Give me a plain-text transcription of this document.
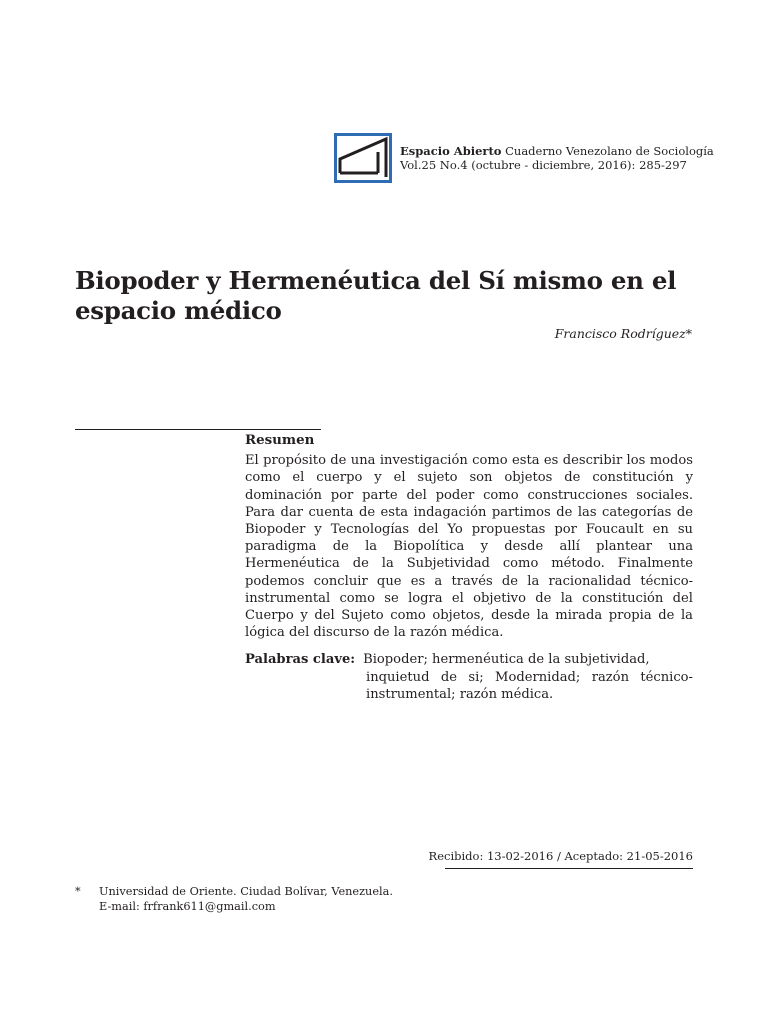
Espacio Abierto Cuaderno Venezolano de Sociología
Vol.25 No.4 (octubre - diciembre, 2016): 285-297
Biopoder y Hermenéutica del Sí mismo en el espacio médico
Francisco Rodríguez*
Resumen

El propósito de una investigación como esta es describir los modos como el cuerpo y el sujeto son objetos de constitución y dominación por parte del poder como construcciones sociales. Para dar cuenta de esta indagación partimos de las categorías de Biopoder y Tecnologías del Yo propuestas por Foucault en su paradigma de la Biopolítica y desde allí plantear una Hermenéutica de la Subjetividad como método. Finalmente podemos concluir que es a través de la racionalidad técnico-instrumental como se logra el objetivo de la constitución del Cuerpo y del Sujeto como objetos, desde la mirada propia de la lógica del discurso de la razón médica.

Palabras clave: Biopoder; hermenéutica de la subjetividad,
inquietud de si; Modernidad; razón técnico-instrumental; razón médica.
Recibido: 13-02-2016 / Aceptado: 21-05-2016
* Universidad de Oriente. Ciudad Bolívar, Venezuela.
E-mail: frfrank611@gmail.com
